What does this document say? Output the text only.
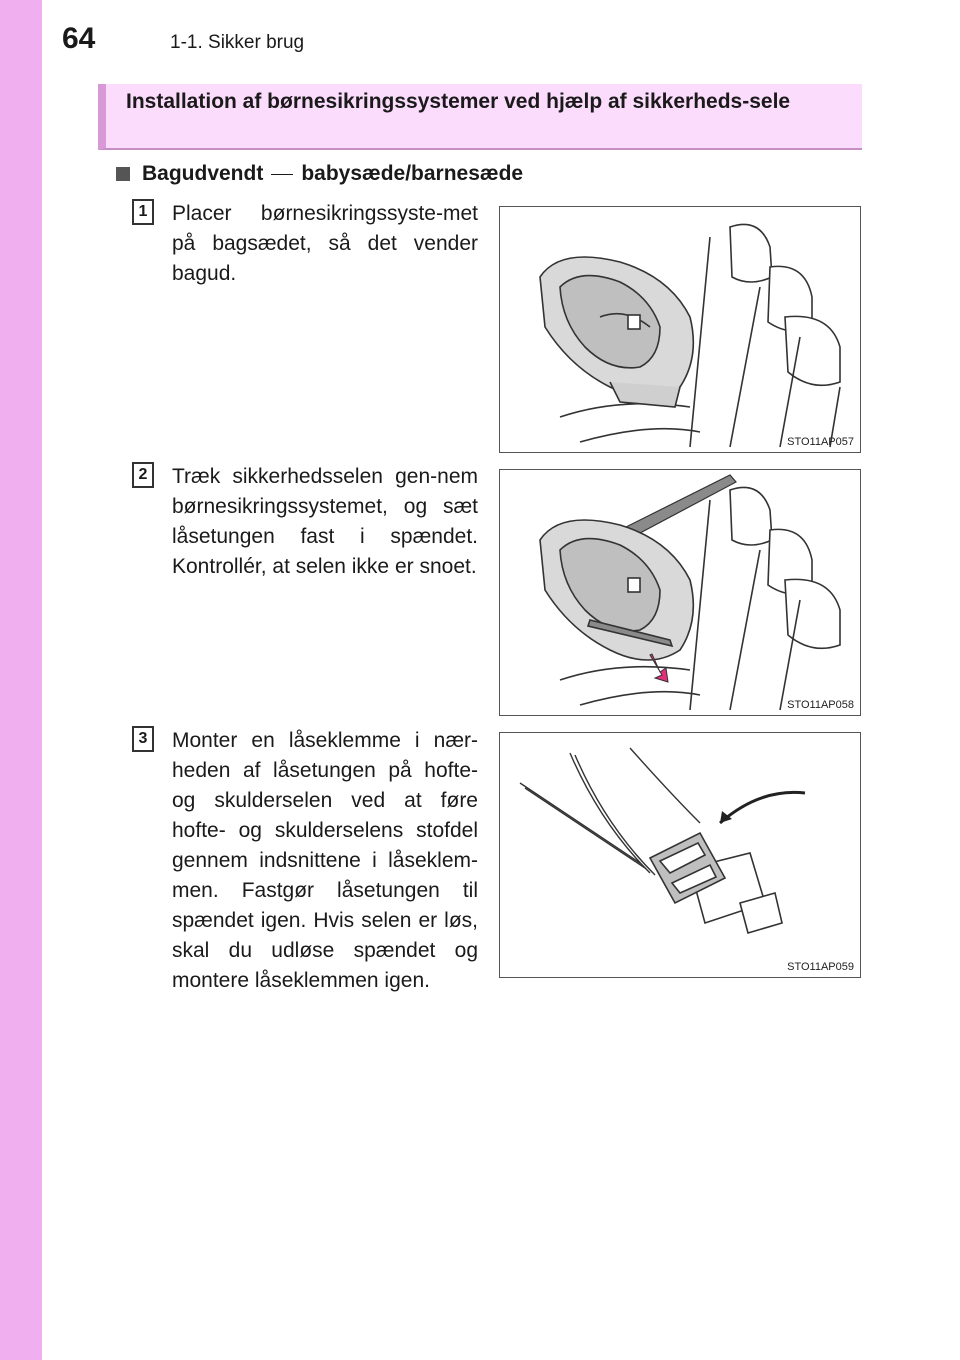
64	1-1. Sikker brug
Installation af børnesikringssystemer ved hjælp af sikkerheds-sele
Bagudvendt babysæde/barnesæde
1	Placer børnesikringssyste-met på bagsædet, så det vender bagud.
STO11AP057
2	Træk sikkerhedsselen gen-nem børnesikringssystemet, og sæt låsetungen fast i spændet. Kontrollér, at selen ikke er snoet.
STO11AP058
3	Monter en låseklemme i nær-heden af låsetungen på hofte- og skulderselen ved at føre hofte- og skulderselens stofdel gennem indsnittene i låseklem-men. Fastgør låsetungen til spændet igen. Hvis selen er løs, skal du udløse spændet og montere låseklemmen igen.
STO11AP059
